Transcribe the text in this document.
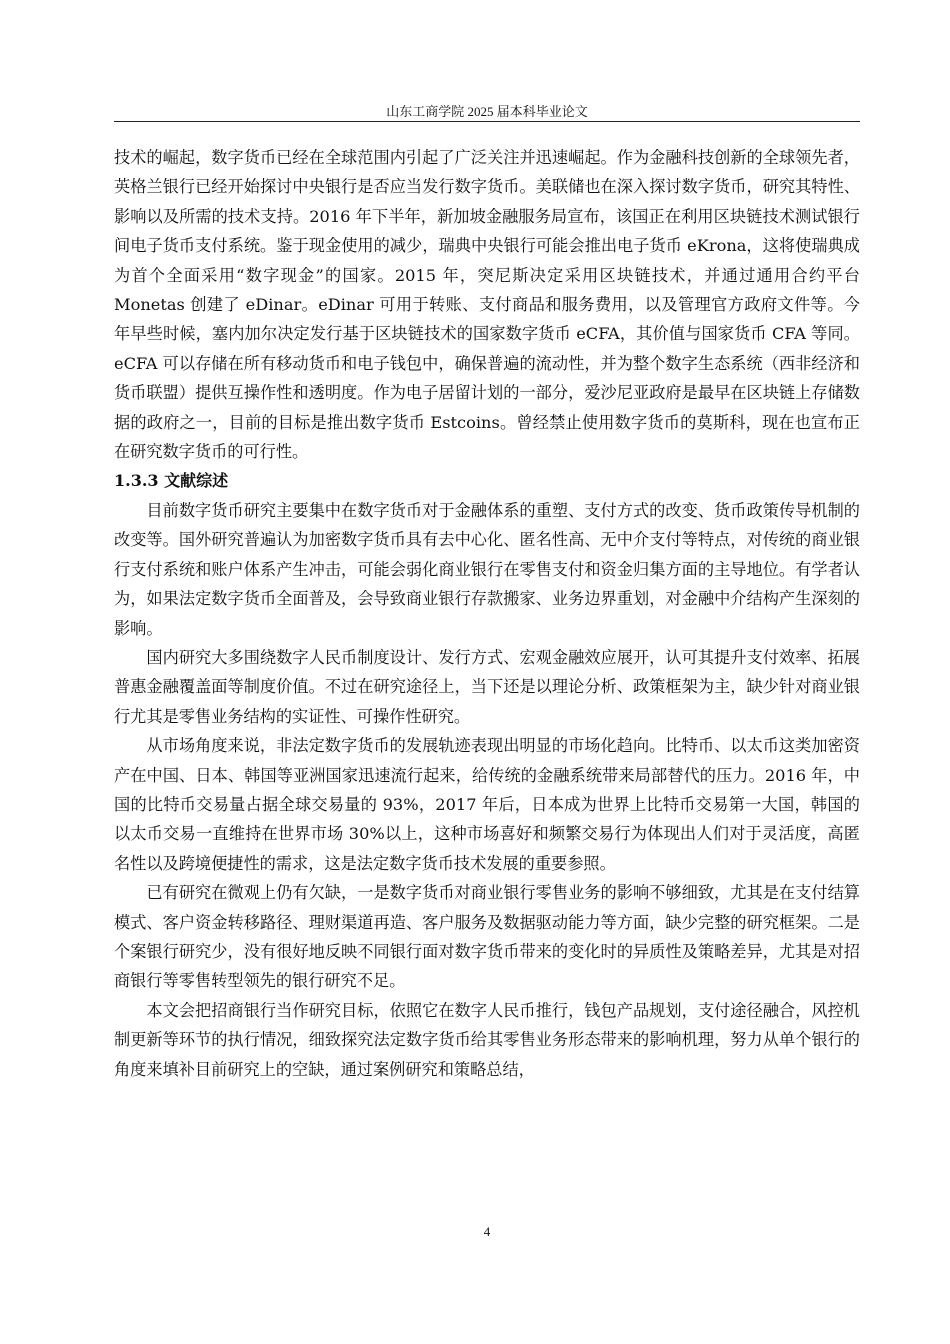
山东工商学院 2025 届本科毕业论文

技术的崛起，数字货币已经在全球范围内引起了广泛关注并迅速崛起。作为金融科技创新的全球领先者，英格兰银行已经开始探讨中央银行是否应当发行数字货币。美联储也在深入探讨数字货币，研究其特性、影响以及所需的技术支持。2016 年下半年，新加坡金融服务局宣布，该国正在利用区块链技术测试银行间电子货币支付系统。鉴于现金使用的减少，瑞典中央银行可能会推出电子货币 eKrona，这将使瑞典成为首个全面采用“数字现金”的国家。2015 年，突尼斯决定采用区块链技术，并通过通用合约平台 Monetas 创建了 eDinar。eDinar 可用于转账、支付商品和服务费用，以及管理官方政府文件等。今年早些时候，塞内加尔决定发行基于区块链技术的国家数字货币 eCFA，其价值与国家货币 CFA 等同。eCFA 可以存储在所有移动货币和电子钱包中，确保普遍的流动性，并为整个数字生态系统（西非经济和货币联盟）提供互操作性和透明度。作为电子居留计划的一部分，爱沙尼亚政府是最早在区块链上存储数据的政府之一，目前的目标是推出数字货币 Estcoins。曾经禁止使用数字货币的莫斯科，现在也宣布正在研究数字货币的可行性。

1.3.3 文献综述

目前数字货币研究主要集中在数字货币对于金融体系的重塑、支付方式的改变、货币政策传导机制的改变等。国外研究普遍认为加密数字货币具有去中心化、匿名性高、无中介支付等特点，对传统的商业银行支付系统和账户体系产生冲击，可能会弱化商业银行在零售支付和资金归集方面的主导地位。有学者认为，如果法定数字货币全面普及，会导致商业银行存款搬家、业务边界重划，对金融中介结构产生深刻的影响。

国内研究大多围绕数字人民币制度设计、发行方式、宏观金融效应展开，认可其提升支付效率、拓展普惠金融覆盖面等制度价值。不过在研究途径上，当下还是以理论分析、政策框架为主，缺少针对商业银行尤其是零售业务结构的实证性、可操作性研究。

从市场角度来说，非法定数字货币的发展轨迹表现出明显的市场化趋向。比特币、以太币这类加密资产在中国、日本、韩国等亚洲国家迅速流行起来，给传统的金融系统带来局部替代的压力。2016 年，中国的比特币交易量占据全球交易量的 93%，2017 年后，日本成为世界上比特币交易第一大国，韩国的以太币交易一直维持在世界市场 30%以上，这种市场喜好和频繁交易行为体现出人们对于灵活度，高匿名性以及跨境便捷性的需求，这是法定数字货币技术发展的重要参照。

已有研究在微观上仍有欠缺，一是数字货币对商业银行零售业务的影响不够细致，尤其是在支付结算模式、客户资金转移路径、理财渠道再造、客户服务及数据驱动能力等方面，缺少完整的研究框架。二是个案银行研究少，没有很好地反映不同银行面对数字货币带来的变化时的异质性及策略差异，尤其是对招商银行等零售转型领先的银行研究不足。

本文会把招商银行当作研究目标，依照它在数字人民币推行，钱包产品规划，支付途径融合，风控机制更新等环节的执行情况，细致探究法定数字货币给其零售业务形态带来的影响机理，努力从单个银行的角度来填补目前研究上的空缺，通过案例研究和策略总结，

4
